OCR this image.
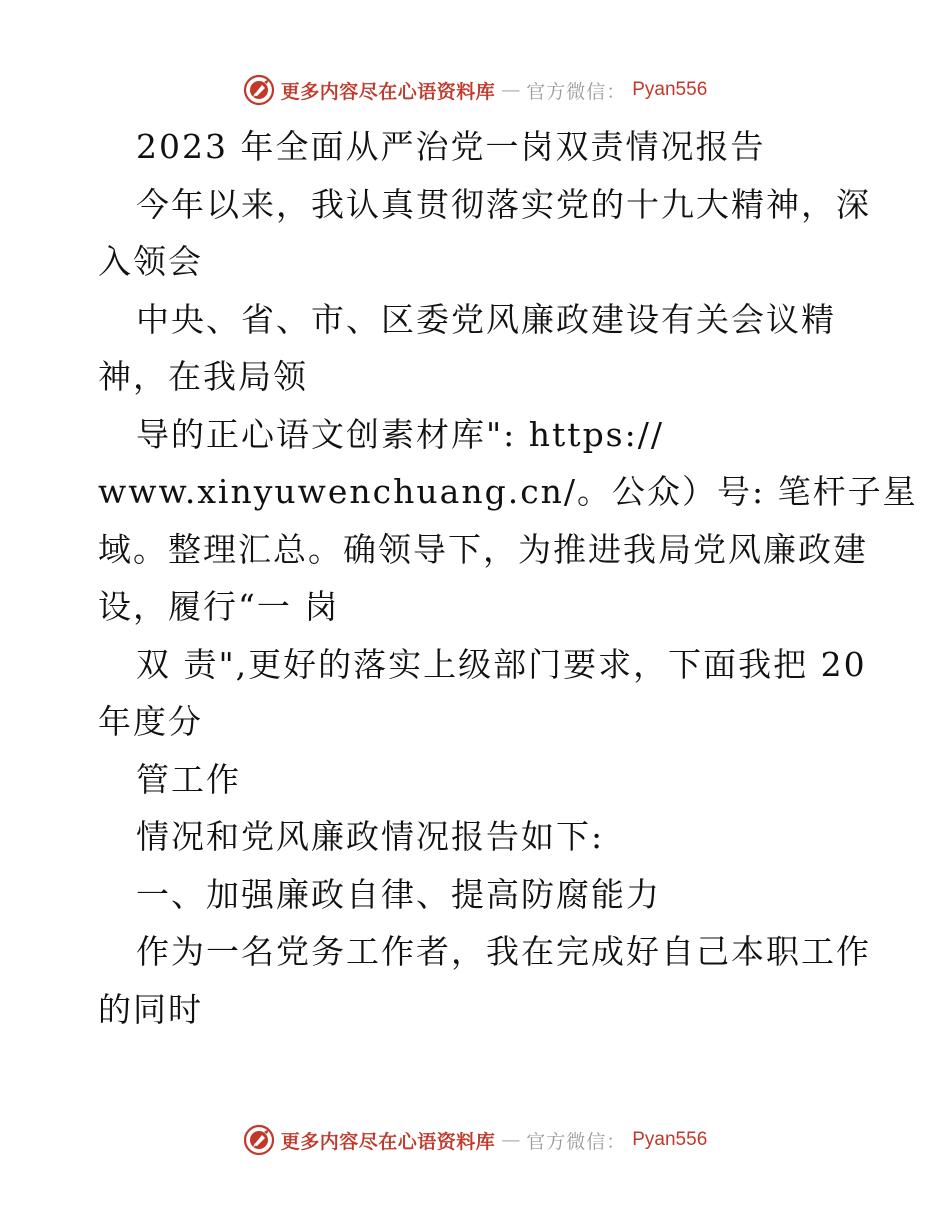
更多内容尽在心语资料库 — 官方微信： Pyan556
2023 年全面从严治党一岗双责情况报告
今年以来，我认真贯彻落实党的十九大精神，深
入领会
中央、省、市、区委党风廉政建设有关会议精
神，在我局领
导的正心语文创素材库": https://
www.xinyuwenchuang.cn/。公众）号: 笔杆子星
域。整理汇总。确领导下，为推进我局党风廉政建
设，履行“一 岗
双 责",更好的落实上级部门要求，下面我把 20
年度分
管工作
情况和党风廉政情况报告如下:
一、加强廉政自律、提高防腐能力
作为一名党务工作者，我在完成好自己本职工作
的同时
更多内容尽在心语资料库 — 官方微信： Pyan556
